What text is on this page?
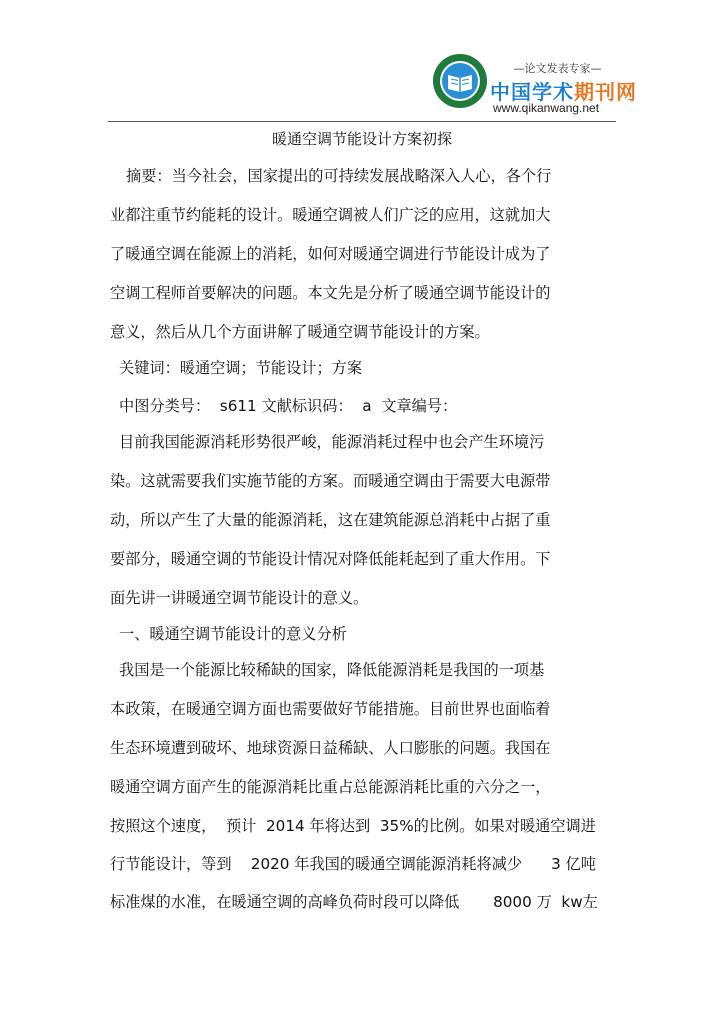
—论文发表专家—
中国学术期刊网
www.qikanwang.net
暖通空调节能设计方案初探
摘要：当今社会，国家提出的可持续发展战略深入人心，各个行
业都注重节约能耗的设计。暖通空调被人们广泛的应用，这就加大
了暖通空调在能源上的消耗，如何对暖通空调进行节能设计成为了
空调工程师首要解决的问题。本文先是分析了暖通空调节能设计的
意义，然后从几个方面讲解了暖通空调节能设计的方案。
关键词：暖通空调；节能设计；方案
中图分类号：  s611 文献标识码：  a  文章编号：
目前我国能源消耗形势很严峻，能源消耗过程中也会产生环境污
染。这就需要我们实施节能的方案。而暖通空调由于需要大电源带
动，所以产生了大量的能源消耗，这在建筑能源总消耗中占据了重
要部分，暖通空调的节能设计情况对降低能耗起到了重大作用。下
面先讲一讲暖通空调节能设计的意义。
一、暖通空调节能设计的意义分析
我国是一个能源比较稀缺的国家，降低能源消耗是我国的一项基
本政策，在暖通空调方面也需要做好节能措施。目前世界也面临着
生态环境遭到破坏、地球资源日益稀缺、人口膨胀的问题。我国在
暖通空调方面产生的能源消耗比重占总能源消耗比重的六分之一，
按照这个速度，  预计  2014 年将达到  35%的比例。如果对暖通空调进
行节能设计，等到    2020 年我国的暖通空调能源消耗将减少      3 亿吨
标准煤的水准，在暖通空调的高峰负荷时段可以降低       8000 万  kw左
